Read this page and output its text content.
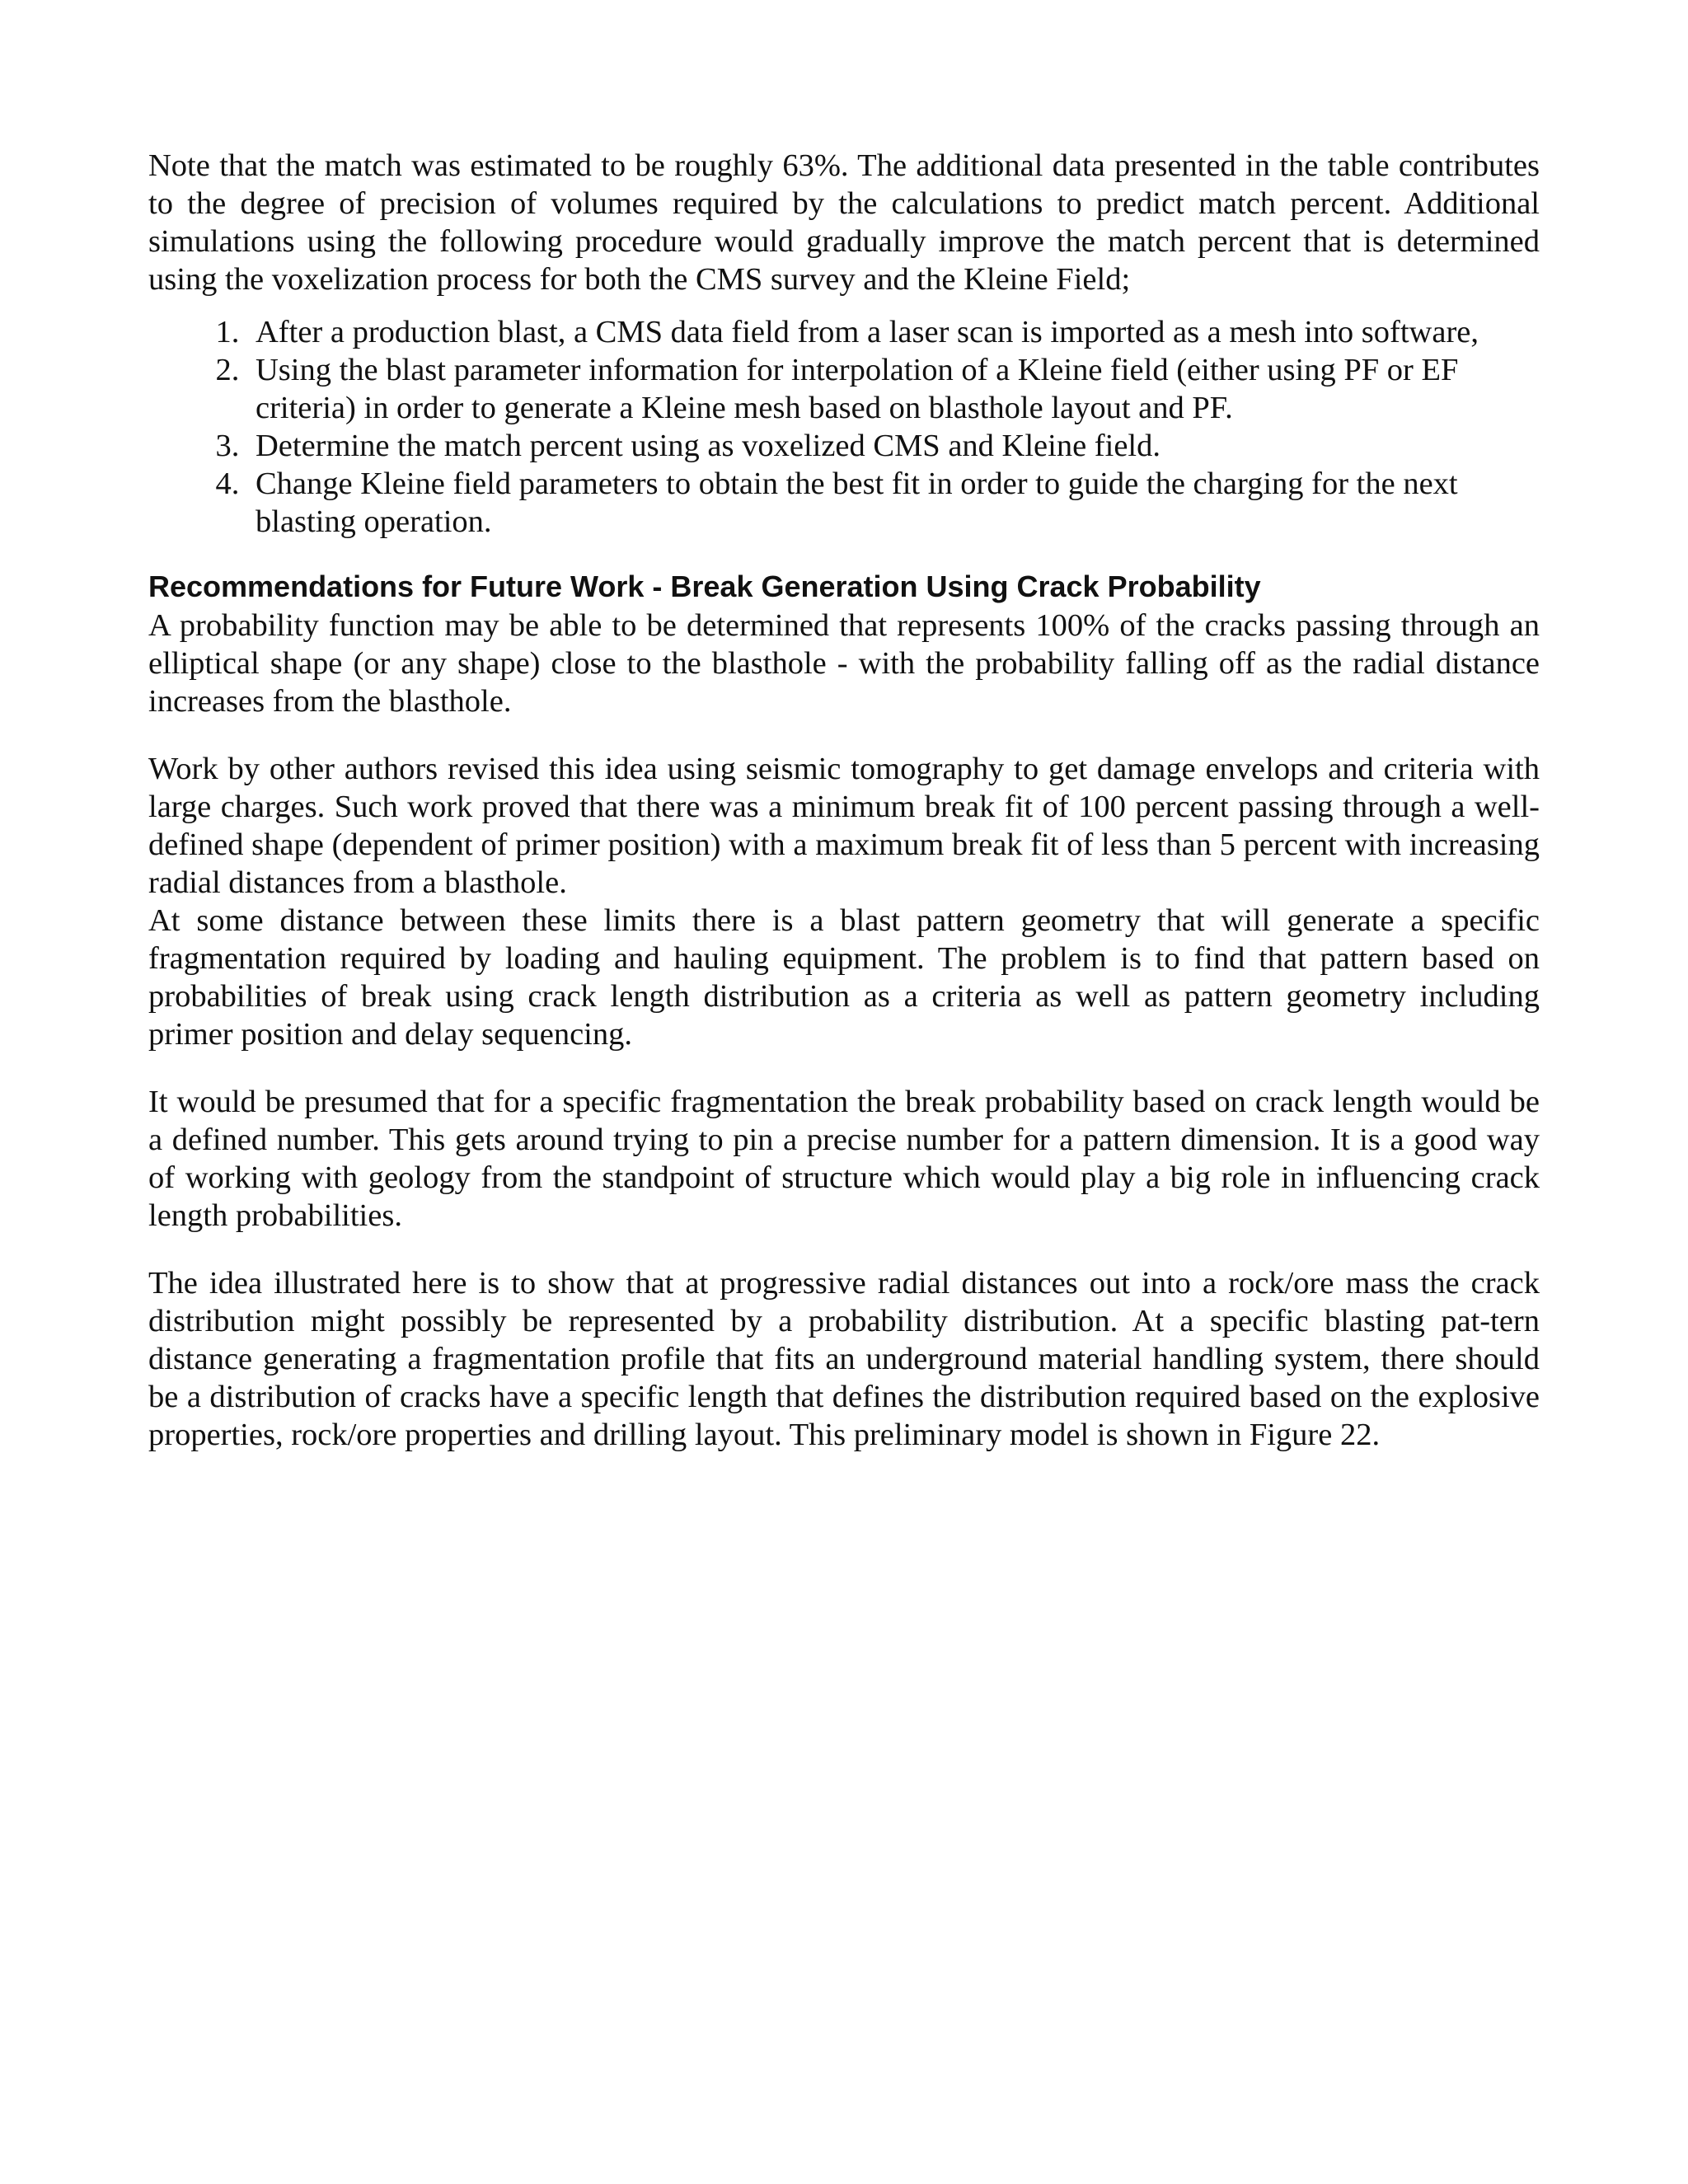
Note that the match was estimated to be roughly 63%. The additional data presented in the table contributes to the degree of precision of volumes required by the calculations to predict match percent. Additional simulations using the following procedure would gradually improve the match percent that is determined using the voxelization process for both the CMS survey and the Kleine Field;

1. After a production blast, a CMS data field from a laser scan is imported as a mesh into software,
2. Using the blast parameter information for interpolation of a Kleine field (either using PF or EF criteria) in order to generate a Kleine mesh based on blasthole layout and PF.
3. Determine the match percent using as voxelized CMS and Kleine field.
4. Change Kleine field parameters to obtain the best fit in order to guide the charging for the next blasting operation.
Recommendations for Future Work - Break Generation Using Crack Probability

A probability function may be able to be determined that represents 100% of the cracks passing through an elliptical shape (or any shape) close to the blasthole - with the probability falling off as the radial distance increases from the blasthole.

Work by other authors revised this idea using seismic tomography to get damage envelops and criteria with large charges. Such work proved that there was a minimum break fit of 100 percent passing through a well-defined shape (dependent of primer position) with a maximum break fit of less than 5 percent with increasing radial distances from a blasthole.

At some distance between these limits there is a blast pattern geometry that will generate a specific fragmentation required by loading and hauling equipment. The problem is to find that pattern based on probabilities of break using crack length distribution as a criteria as well as pattern geometry including primer position and delay sequencing.

It would be presumed that for a specific fragmentation the break probability based on crack length would be a defined number. This gets around trying to pin a precise number for a pattern dimension. It is a good way of working with geology from the standpoint of structure which would play a big role in influencing crack length probabilities.

The idea illustrated here is to show that at progressive radial distances out into a rock/ore mass the crack distribution might possibly be represented by a probability distribution. At a specific blasting pat-tern distance generating a fragmentation profile that fits an underground material handling system, there should be a distribution of cracks have a specific length that defines the distribution required based on the explosive properties, rock/ore properties and drilling layout. This preliminary model is shown in Figure 22.
